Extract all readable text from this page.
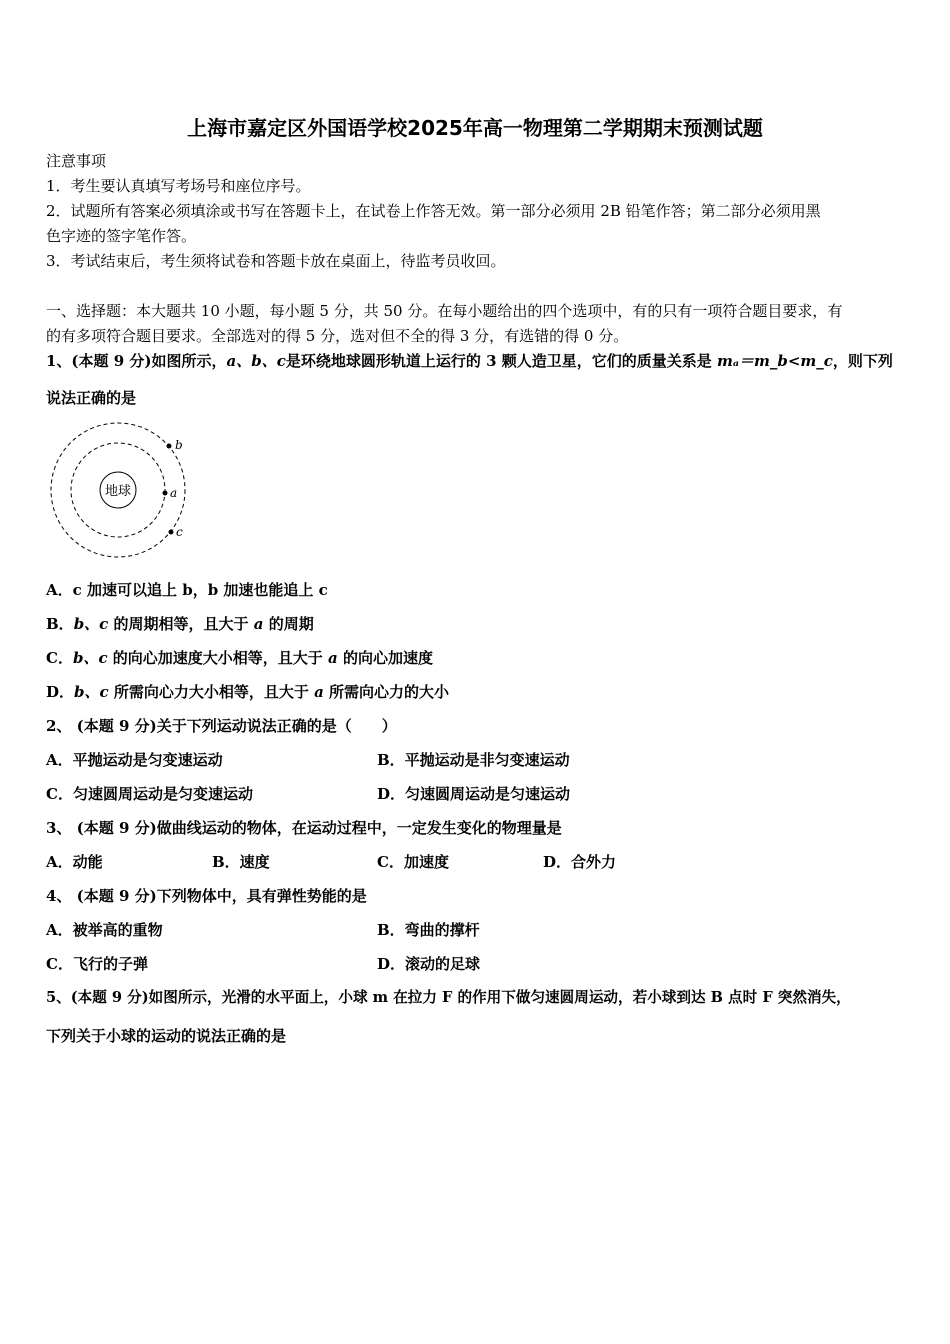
上海市嘉定区外国语学校2025年高一物理第二学期期末预测试题
注意事项
1．考生要认真填写考场号和座位序号。
2．试题所有答案必须填涂或书写在答题卡上，在试卷上作答无效。第一部分必须用 2B 铅笔作答；第二部分必须用黑
色字迹的签字笔作答。
3．考试结束后，考生须将试卷和答题卡放在桌面上，待监考员收回。
一、选择题：本大题共 10 小题，每小题 5 分，共 50 分。在每小题给出的四个选项中，有的只有一项符合题目要求，有
的有多项符合题目要求。全部选对的得 5 分，选对但不全的得 3 分，有选错的得 0 分。
1、(本题 9 分)如图所示，a、b、c是环绕地球圆形轨道上运行的 3 颗人造卫星，它们的质量关系是 mₐ＝m_b<m_c，则下列
说法正确的是
地球	a
b
c
A．c 加速可以追上 b，b 加速也能追上 c
B．b、c 的周期相等，且大于 a 的周期
C．b、c 的向心加速度大小相等，且大于 a 的向心加速度
D．b、c 所需向心力大小相等，且大于 a 所需向心力的大小
2、 (本题 9 分)关于下列运动说法正确的是（　　）
A．平抛运动是匀变速运动	B．平抛运动是非匀变速运动
C．匀速圆周运动是匀变速运动	D．匀速圆周运动是匀速运动
3、 (本题 9 分)做曲线运动的物体，在运动过程中，一定发生变化的物理量是
A．动能	B．速度	C．加速度	D．合外力
4、 (本题 9 分)下列物体中，具有弹性势能的是
A．被举高的重物	B．弯曲的撑杆
C．飞行的子弹	D．滚动的足球
5、(本题 9 分)如图所示，光滑的水平面上，小球 m 在拉力 F 的作用下做匀速圆周运动，若小球到达 B 点时 F 突然消失，
下列关于小球的运动的说法正确的是
